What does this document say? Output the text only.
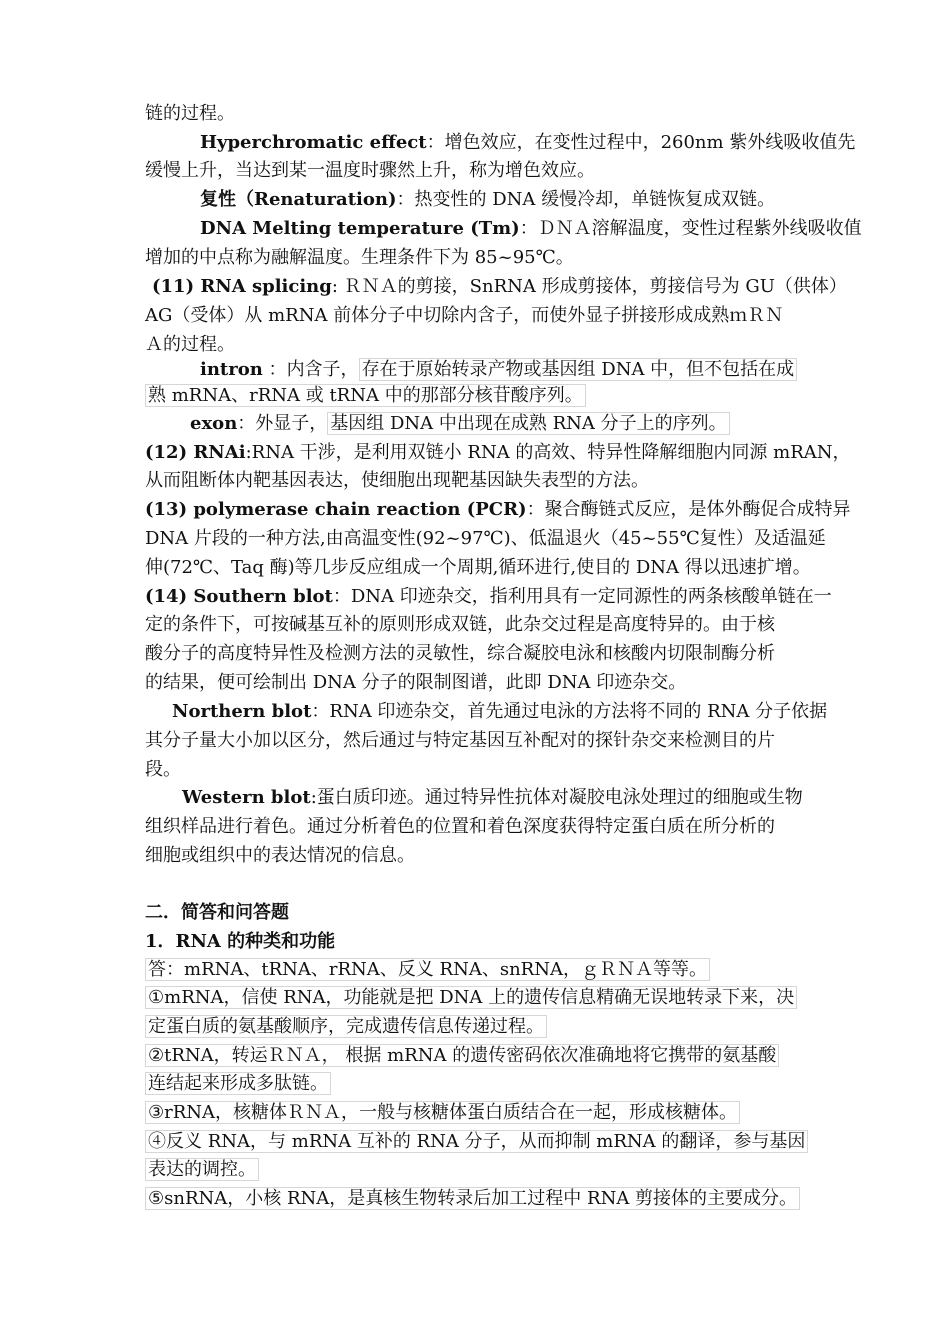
链的过程。
Hyperchromatic effect：增色效应，在变性过程中，260nm 紫外线吸收值先
缓慢上升，当达到某一温度时骤然上升，称为增色效应。
复性（Renaturation)：热变性的 DNA 缓慢冷却，单链恢复成双链。
DNA Melting temperature (Tm)：ＤＮＡ溶解温度，变性过程紫外线吸收值
增加的中点称为融解温度。生理条件下为 85~95℃。
(11) RNA splicing: ＲＮＡ的剪接，SnRNA 形成剪接体，剪接信号为 GU（供体）
AG（受体）从 mRNA 前体分子中切除内含子，而使外显子拼接形成成熟ｍＲＮ
Ａ的过程。
intron ：内含子， 存在于原始转录产物或基因组 DNA 中，但不包括在成
熟 mRNA、rRNA 或 tRNA 中的那部分核苷酸序列。
exon：外显子， 基因组 DNA 中出现在成熟 RNA 分子上的序列。
(12) RNAi:RNA 干涉，是利用双链小 RNA 的高效、特异性降解细胞内同源 mRAN，
从而阻断体内靶基因表达，使细胞出现靶基因缺失表型的方法。
(13) polymerase chain reaction (PCR)：聚合酶链式反应，是体外酶促合成特异
DNA 片段的一种方法,由高温变性(92~97℃)、低温退火（45~55℃复性）及适温延
伸(72℃、Taq 酶)等几步反应组成一个周期,循环进行,使目的 DNA 得以迅速扩增。
(14) Southern blot：DNA 印迹杂交，指利用具有一定同源性的两条核酸单链在一
定的条件下，可按碱基互补的原则形成双链，此杂交过程是高度特异的。由于核
酸分子的高度特异性及检测方法的灵敏性，综合凝胶电泳和核酸内切限制酶分析
的结果，便可绘制出 DNA 分子的限制图谱，此即 DNA 印迹杂交。
Northern blot：RNA 印迹杂交，首先通过电泳的方法将不同的 RNA 分子依据
其分子量大小加以区分，然后通过与特定基因互补配对的探针杂交来检测目的片
段。
Western blot:蛋白质印迹。通过特异性抗体对凝胶电泳处理过的细胞或生物
组织样品进行着色。通过分析着色的位置和着色深度获得特定蛋白质在所分析的
细胞或组织中的表达情况的信息。
二．简答和问答题
1．RNA 的种类和功能
答：mRNA、tRNA、rRNA、反义 RNA、snRNA，ｇＲＮＡ等等。
①mRNA，信使 RNA，功能就是把 DNA 上的遗传信息精确无误地转录下来，决
定蛋白质的氨基酸顺序，完成遗传信息传递过程。
②tRNA，转运ＲＮＡ， 根据 mRNA 的遗传密码依次准确地将它携带的氨基酸
连结起来形成多肽链。
③rRNA，核糖体ＲＮＡ，一般与核糖体蛋白质结合在一起，形成核糖体。
④反义 RNA，与 mRNA 互补的 RNA 分子，从而抑制 mRNA 的翻译，参与基因
表达的调控。
⑤snRNA，小核 RNA，是真核生物转录后加工过程中 RNA 剪接体的主要成分。
